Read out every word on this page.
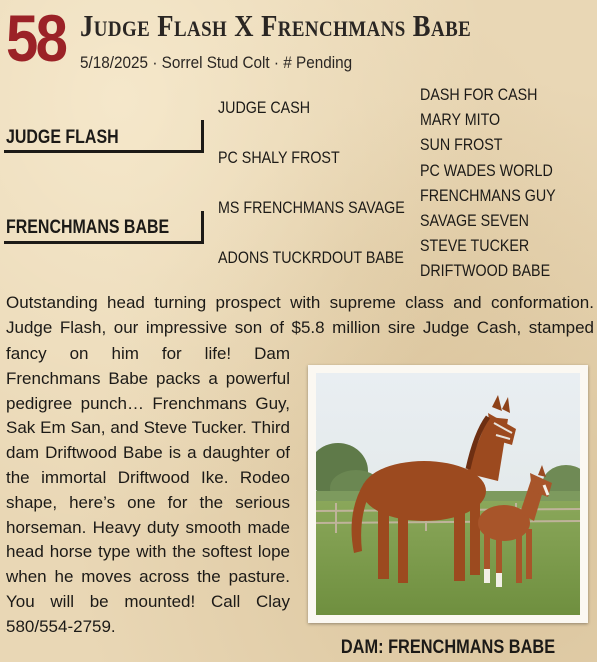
58 Judge Flash X Frenchmans Babe
5/18/2025 · Sorrel Stud Colt · # Pending
JUDGE FLASH
FRENCHMANS BABE
JUDGE CASH
PC SHALY FROST
MS FRENCHMANS SAVAGE
ADONS TUCKRDOUT BABE
DASH FOR CASH
MARY MITO
SUN FROST
PC WADES WORLD
FRENCHMANS GUY
SAVAGE SEVEN
STEVE TUCKER
DRIFTWOOD BABE
Outstanding head turning prospect with supreme class and conformation.
Judge Flash, our impressive son of $5.8 million sire Judge Cash, stamped
fancy on him for life! Dam Frenchmans Babe packs a powerful pedigree punch… Frenchmans Guy, Sak Em San, and Steve Tucker. Third dam Driftwood Babe is a daughter of the immortal Driftwood Ike. Rodeo shape, here’s one for the serious horseman. Heavy duty smooth made head horse type with the softest lope when he moves across the pasture. You will be mounted! Call Clay 580/554-2759.
DAM: FRENCHMANS BABE
